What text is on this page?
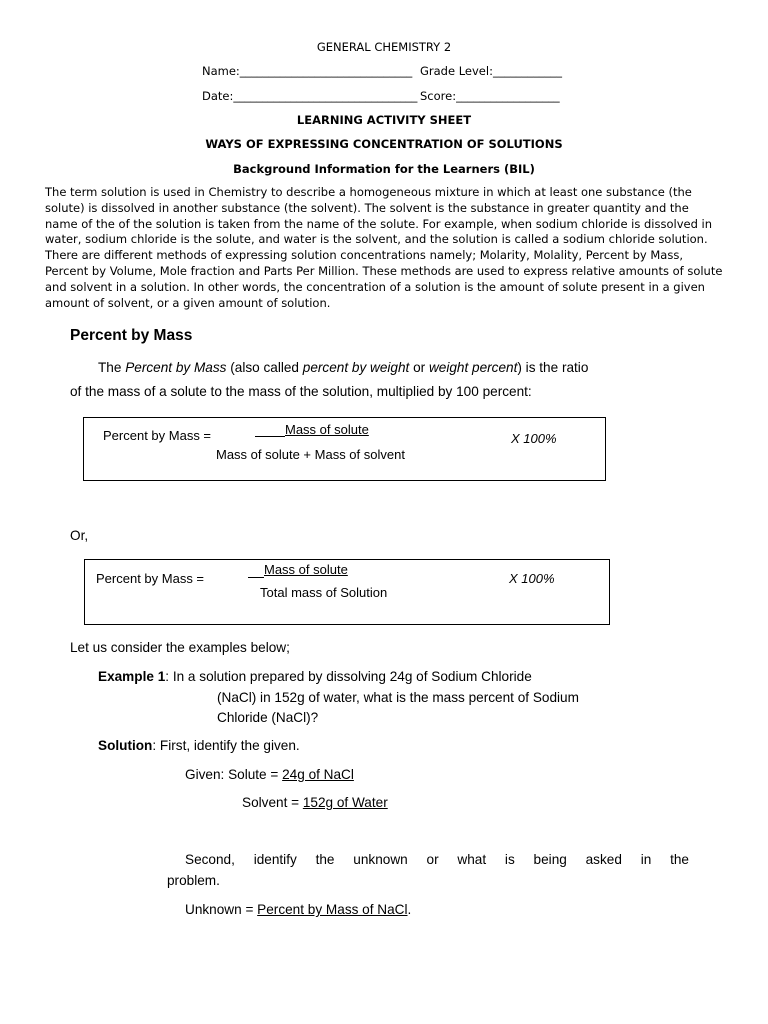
GENERAL CHEMISTRY 2
Name:______________________________ Grade Level:____________
Date:________________________________ Score:__________________
LEARNING ACTIVITY SHEET
WAYS OF EXPRESSING CONCENTRATION OF SOLUTIONS
Background Information for the Learners (BIL)
The term solution is used in Chemistry to describe a homogeneous mixture in which at least one substance (the solute) is dissolved in another substance (the solvent). The solvent is the substance in greater quantity and the name of the of the solution is taken from the name of the solute. For example, when sodium chloride is dissolved in water, sodium chloride is the solute, and water is the solvent, and the solution is called a sodium chloride solution. There are different methods of expressing solution concentrations namely; Molarity, Molality, Percent by Mass, Percent by Volume, Mole fraction and Parts Per Million. These methods are used to express relative amounts of solute and solvent in a solution. In other words, the concentration of a solution is the amount of solute present in a given amount of solvent, or a given amount of solution.
Percent by Mass
The Percent by Mass (also called percent by weight or weight percent) is the ratio
of the mass of a solute to the mass of the solution, multiplied by 100 percent:
Percent by Mass =	Mass of solute
Mass of solute + Mass of solvent
X 100%
Or,
Percent by Mass =
Mass of solute
Total mass of Solution
X 100%
Let us consider the examples below;
Example 1: In a solution prepared by dissolving 24g of Sodium Chloride
(NaCl) in 152g of water, what is the mass percent of Sodium
Chloride (NaCl)?
Solution: First, identify the given.
Given: Solute = 24g of NaCl
Solvent = 152g of Water
Second, identify the unknown or what is being asked in the
problem.
Unknown = Percent by Mass of NaCl.
